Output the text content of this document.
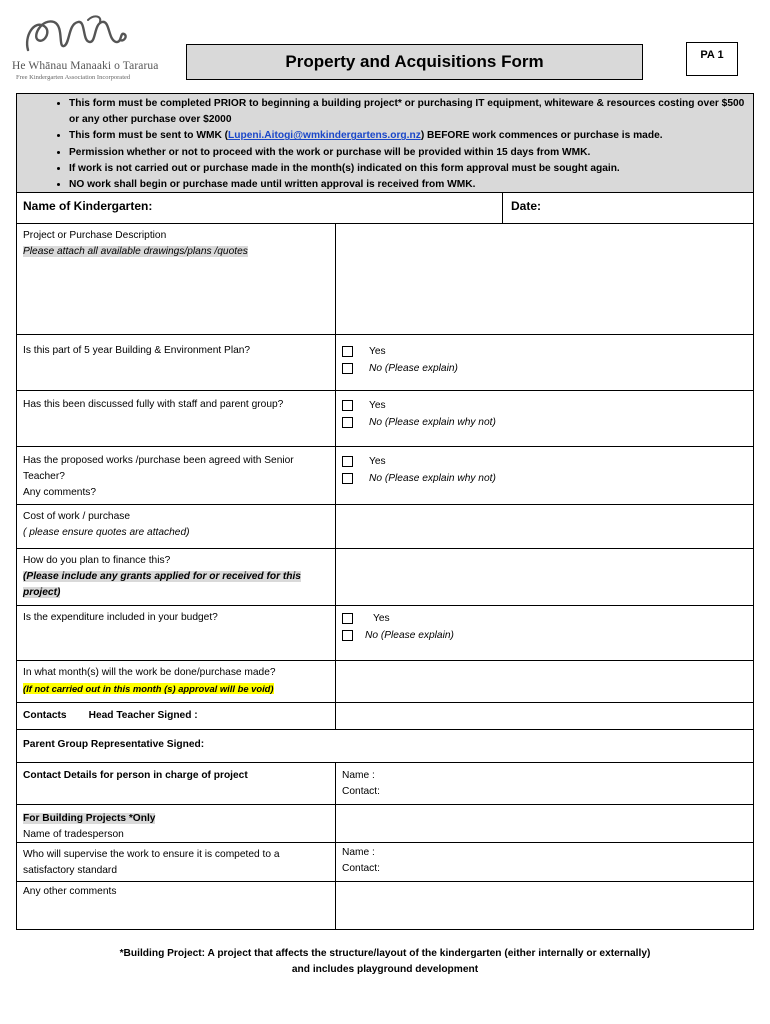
He Whānau Manaaki o Tararua
Free Kindergarten Association Incorporated
Property and Acquisitions Form	PA 1
• This form must be completed PRIOR to beginning a building project* or purchasing IT equipment, whiteware & resources costing over $500 or any other purchase over $2000
• This form must be sent to WMK (Lupeni.Aitogi@wmkindergartens.org.nz) BEFORE work commences or purchase is made.
• Permission whether or not to proceed with the work or purchase will be provided within 15 days from WMK.
• If work is not carried out or purchase made in the month(s) indicated on this form approval must be sought again.
• NO work shall begin or purchase made until written approval is received from WMK.
Name of Kindergarten:	Date:
Project or Purchase Description
Please attach all available drawings/plans /quotes
Is this part of 5 year Building & Environment Plan?	Yes
No (Please explain)
Has this been discussed fully with staff and parent group?	Yes
No (Please explain why not)
Has the proposed works /purchase been agreed with Senior Teacher?
Any comments?
Yes
No (Please explain why not)
Cost of work / purchase
( please ensure quotes are attached)
How do you plan to finance this?
(Please include any grants applied for or received for this project)
Is the expenditure included in your budget?	Yes
No (Please explain)
In what month(s) will the work be done/purchase made?
(If not carried out in this month (s) approval will be void)
Contacts Head Teacher Signed :
Parent Group Representative Signed:
Contact Details for person in charge of project	Name :
Contact:
For Building Projects *Only
Name of tradesperson
Who will supervise the work to ensure it is competed to a satisfactory standard
Name :
Contact:
Any other comments
*Building Project: A project that affects the structure/layout of the kindergarten (either internally or externally)
and includes playground development
